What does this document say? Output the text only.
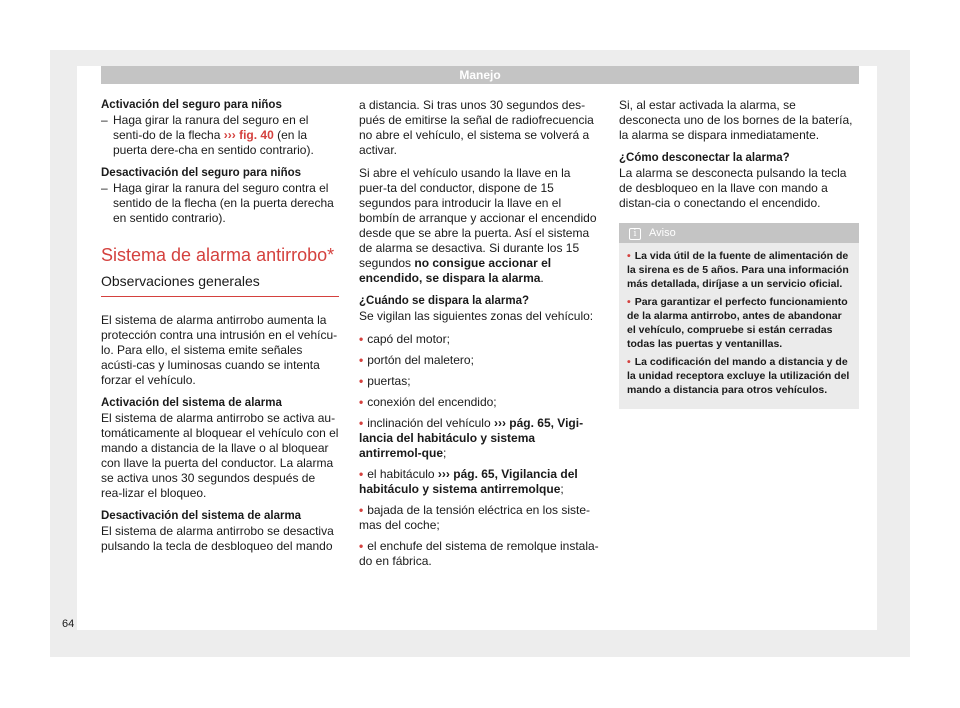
Manejo

Activación del seguro para niños

– Haga girar la ranura del seguro en el senti-do de la flecha ››› fig. 40 (en la puerta dere-cha en sentido contrario).

Desactivación del seguro para niños

– Haga girar la ranura del seguro contra el sentido de la flecha (en la puerta derecha en sentido contrario).
Sistema de alarma antirrobo*
Observaciones generales

El sistema de alarma antirrobo aumenta la protección contra una intrusión en el vehícu-lo. Para ello, el sistema emite señales acústi-cas y luminosas cuando se intenta forzar el vehículo.

Activación del sistema de alarma

El sistema de alarma antirrobo se activa au-tomáticamente al bloquear el vehículo con el mando a distancia de la llave o al bloquear con llave la puerta del conductor. La alarma se activa unos 30 segundos después de rea-lizar el bloqueo.

Desactivación del sistema de alarma

El sistema de alarma antirrobo se desactiva pulsando la tecla de desbloqueo del mando

a distancia. Si tras unos 30 segundos des-pués de emitirse la señal de radiofrecuencia no abre el vehículo, el sistema se volverá a activar.

Si abre el vehículo usando la llave en la puer-ta del conductor, dispone de 15 segundos para introducir la llave en el bombín de arranque y accionar el encendido desde que se abre la puerta. Así el sistema de alarma se desactiva. Si durante los 15 segundos no consigue accionar el encendido, se dispara la alarma.

¿Cuándo se dispara la alarma?

Se vigilan las siguientes zonas del vehículo:

• capó del motor;
• portón del maletero;
• puertas;
• conexión del encendido;
• inclinación del vehículo ››› pág. 65, Vigi-lancia del habitáculo y sistema antirremol-que;
• el habitáculo ››› pág. 65, Vigilancia del habitáculo y sistema antirremolque;
• bajada de la tensión eléctrica en los siste-mas del coche;
• el enchufe del sistema de remolque instala-do en fábrica.

Si, al estar activada la alarma, se desconecta uno de los bornes de la batería, la alarma se dispara inmediatamente.

¿Cómo desconectar la alarma?

La alarma se desconecta pulsando la tecla de desbloqueo en la llave con mando a distan-cia o conectando el encendido.

i Aviso
• La vida útil de la fuente de alimentación de la sirena es de 5 años. Para una información más detallada, diríjase a un servicio oficial.
• Para garantizar el perfecto funcionamiento de la alarma antirrobo, antes de abandonar el vehículo, compruebe si están cerradas todas las puertas y ventanillas.
• La codificación del mando a distancia y de la unidad receptora excluye la utilización del mando a distancia para otros vehículos.
64
